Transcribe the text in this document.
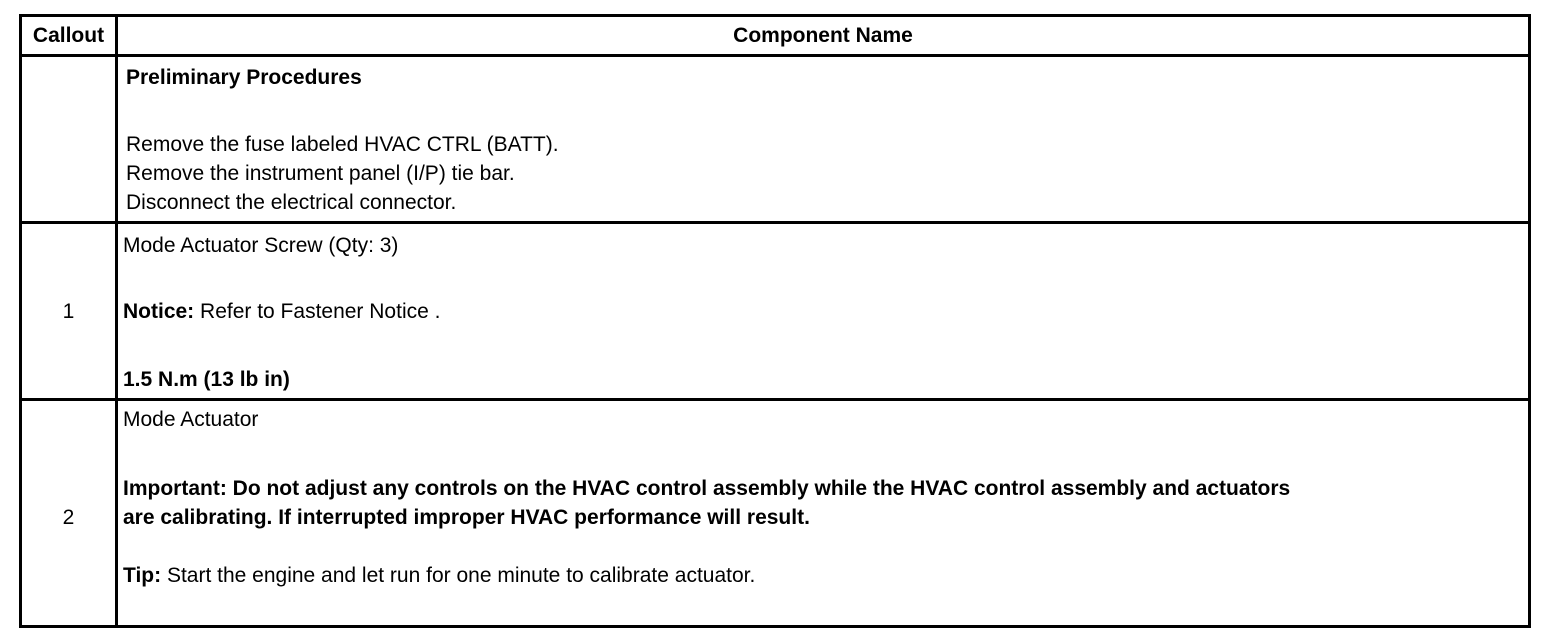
Callout	Component Name
Preliminary Procedures
Remove the fuse labeled HVAC CTRL (BATT).
Remove the instrument panel (I/P) tie bar.
Disconnect the electrical connector.
1
Mode Actuator Screw (Qty: 3)
Notice: Refer to Fastener Notice .
1.5 N.m (13 lb in)
2
Mode Actuator
Important: Do not adjust any controls on the HVAC control assembly while the HVAC control assembly and actuators
are calibrating. If interrupted improper HVAC performance will result.
Tip: Start the engine and let run for one minute to calibrate actuator.
